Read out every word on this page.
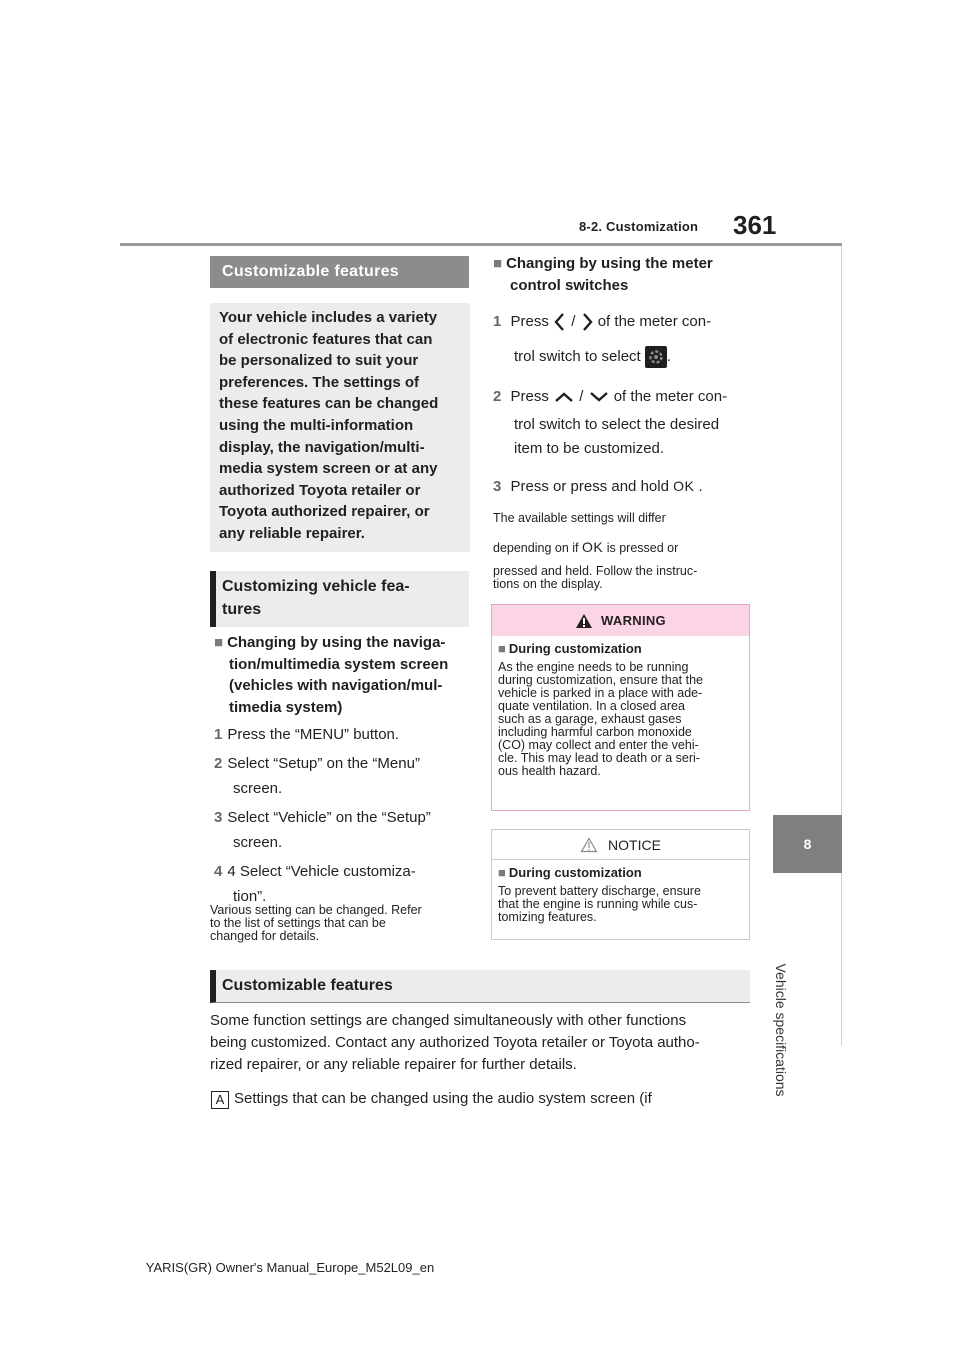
8-2. Customization 361
8
Vehicle specifications
Customizable features
Your vehicle includes a variety
of electronic features that can
be personalized to suit your
preferences. The settings of
these features can be changed
using the multi-information
display, the navigation/multi-
media system screen or at any
authorized Toyota retailer or
Toyota authorized repairer, or
any reliable repairer.
Customizing vehicle fea-
tures
■ Changing by using the naviga-
tion/multimedia system screen
(vehicles with navigation/mul-
timedia system)
1 Press the “MENU” button.
2 Select “Setup” on the “Menu”
screen.
3 Select “Vehicle” on the “Setup”
screen.
4 4 Select “Vehicle customiza-
tion”.
Various setting can be changed. Refer
to the list of settings that can be
changed for details.
■ Changing by using the meter
control switches
1 Press / of the meter con-
trol switch to select .
2 Press / of the meter con-
trol switch to select the desired
item to be customized.
3 Press or press and hold OK .
The available settings will differ
depending on if OK is pressed or
pressed and held. Follow the instruc-
tions on the display.
WARNING
■ During customization
As the engine needs to be running
during customization, ensure that the
vehicle is parked in a place with ade-
quate ventilation. In a closed area
such as a garage, exhaust gases
including harmful carbon monoxide
(CO) may collect and enter the vehi-
cle. This may lead to death or a seri-
ous health hazard.
NOTICE
■ During customization
To prevent battery discharge, ensure
that the engine is running while cus-
tomizing features.
Customizable features
Some function settings are changed simultaneously with other functions
being customized. Contact any authorized Toyota retailer or Toyota autho-
rized repairer, or any reliable repairer for further details.
A Settings that can be changed using the audio system screen (if
YARIS(GR) Owner's Manual_Europe_M52L09_en
